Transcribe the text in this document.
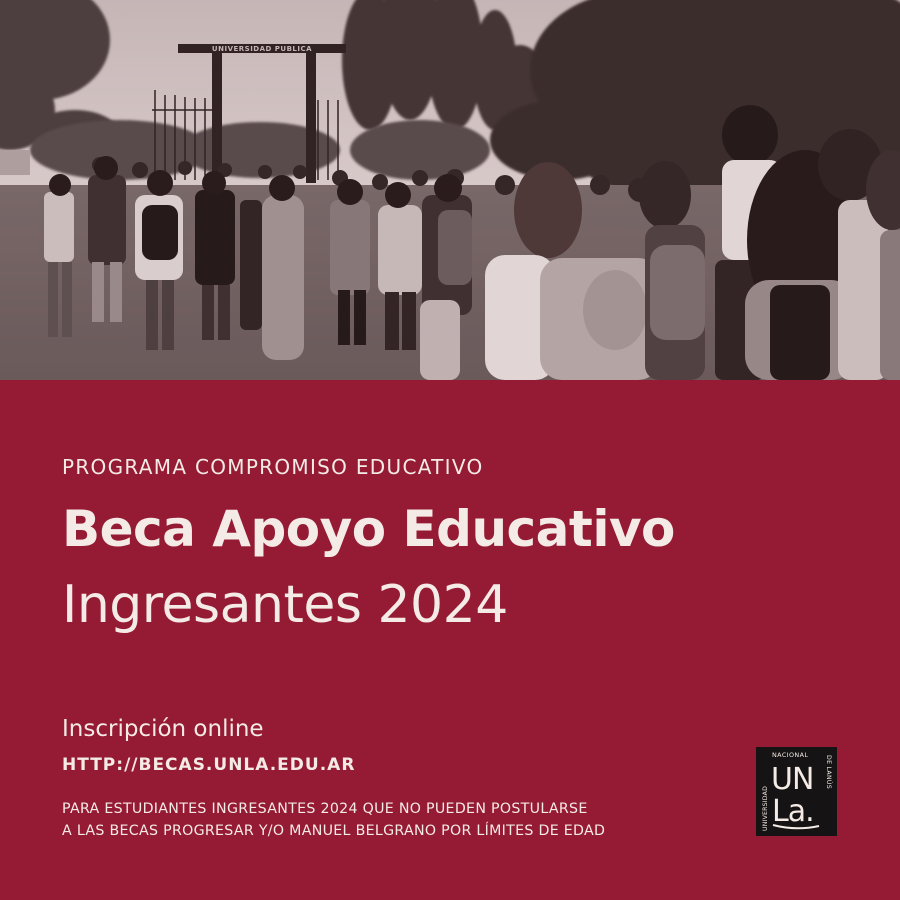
UNIVERSIDAD PUBLICA
PROGRAMA COMPROMISO EDUCATIVO
Beca Apoyo Educativo
Ingresantes 2024
Inscripción online
HTTP://BECAS.UNLA.EDU.AR
PARA ESTUDIANTES INGRESANTES 2024 QUE NO PUEDEN POSTULARSE
A LAS BECAS PROGRESAR Y/O MANUEL BELGRANO POR LÍMITES DE EDAD	UNIVERSIDAD
NACIONAL	DE LANÚS
UN
La.
